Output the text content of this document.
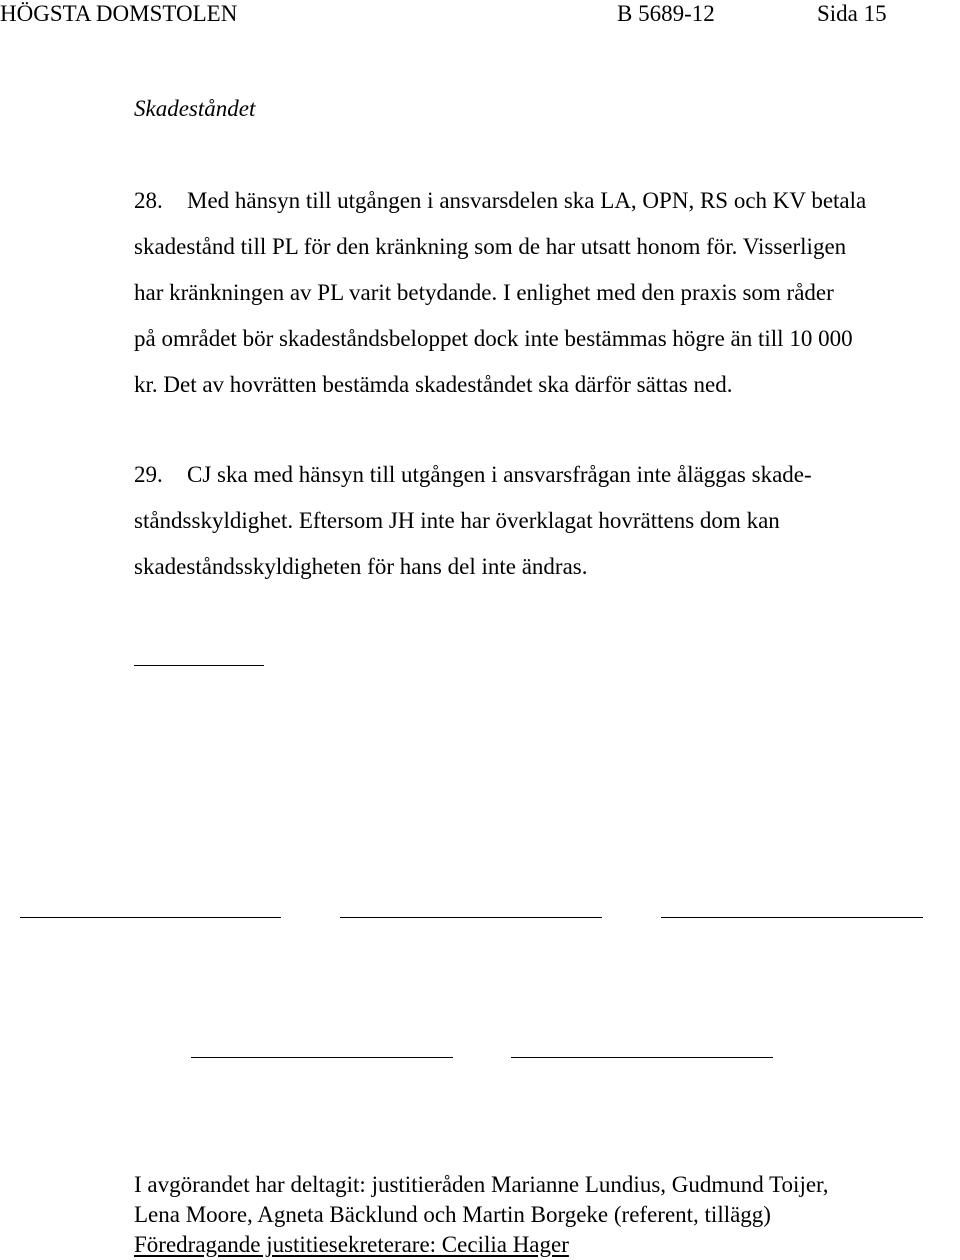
HÖGSTA DOMSTOLEN	B 5689-12	Sida 15
Skadeståndet
28. Med hänsyn till utgången i ansvarsdelen ska LA, OPN, RS och KV betala
skadestånd till PL för den kränkning som de har utsatt honom för. Visserligen
har kränkningen av PL varit betydande. I enlighet med den praxis som råder
på området bör skadeståndsbeloppet dock inte bestämmas högre än till 10 000
kr. Det av hovrätten bestämda skadeståndet ska därför sättas ned.
29. CJ ska med hänsyn till utgången i ansvarsfrågan inte åläggas skade-
ståndsskyldighet. Eftersom JH inte har överklagat hovrättens dom kan
skadeståndsskyldigheten för hans del inte ändras.
I avgörandet har deltagit: justitieråden Marianne Lundius, Gudmund Toijer,
Lena Moore, Agneta Bäcklund och Martin Borgeke (referent, tillägg)
Föredragande justitiesekreterare: Cecilia Hager
